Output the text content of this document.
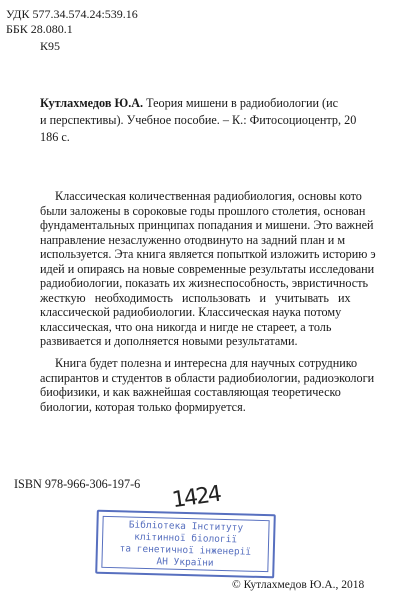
УДК 577.34.574.24:539.16
ББК 28.080.1
К95
Кутлахмедов Ю.А. Теория мишени в радиобиологии (ис
и перспективы). Учебное пособие. – К.: Фитосоциоцентр, 20
186 с.
Классическая количественная радиобиология, основы кото
были заложены в сороковые годы прошлого столетия, основан
фундаментальных принципах попадания и мишени. Это важней
направление незаслуженно отодвинуто на задний план и м
используется. Эта книга является попыткой изложить историю э
идей и опираясь на новые современные результаты исследовани
радиобиологии, показать их жизнеспособность, эвристичность
жесткую необходимость использовать и учитывать их
классической радиобиологии. Классическая наука потому
классическая, что она никогда и нигде не стареет, а толь
развивается и дополняется новыми результатами.
Книга будет полезна и интересна для научных сотруднико
аспирантов и студентов в области радиобиологии, радиоэкологи
биофизики, и как важнейшая составляющая теоретическо
биологии, которая только формируется.
ISBN 978-966-306-197-6 1424
Бібліотека Інституту
клітинної біології
та генетичної інженерії
АН України
© Кутлахмедов Ю.А., 2018
